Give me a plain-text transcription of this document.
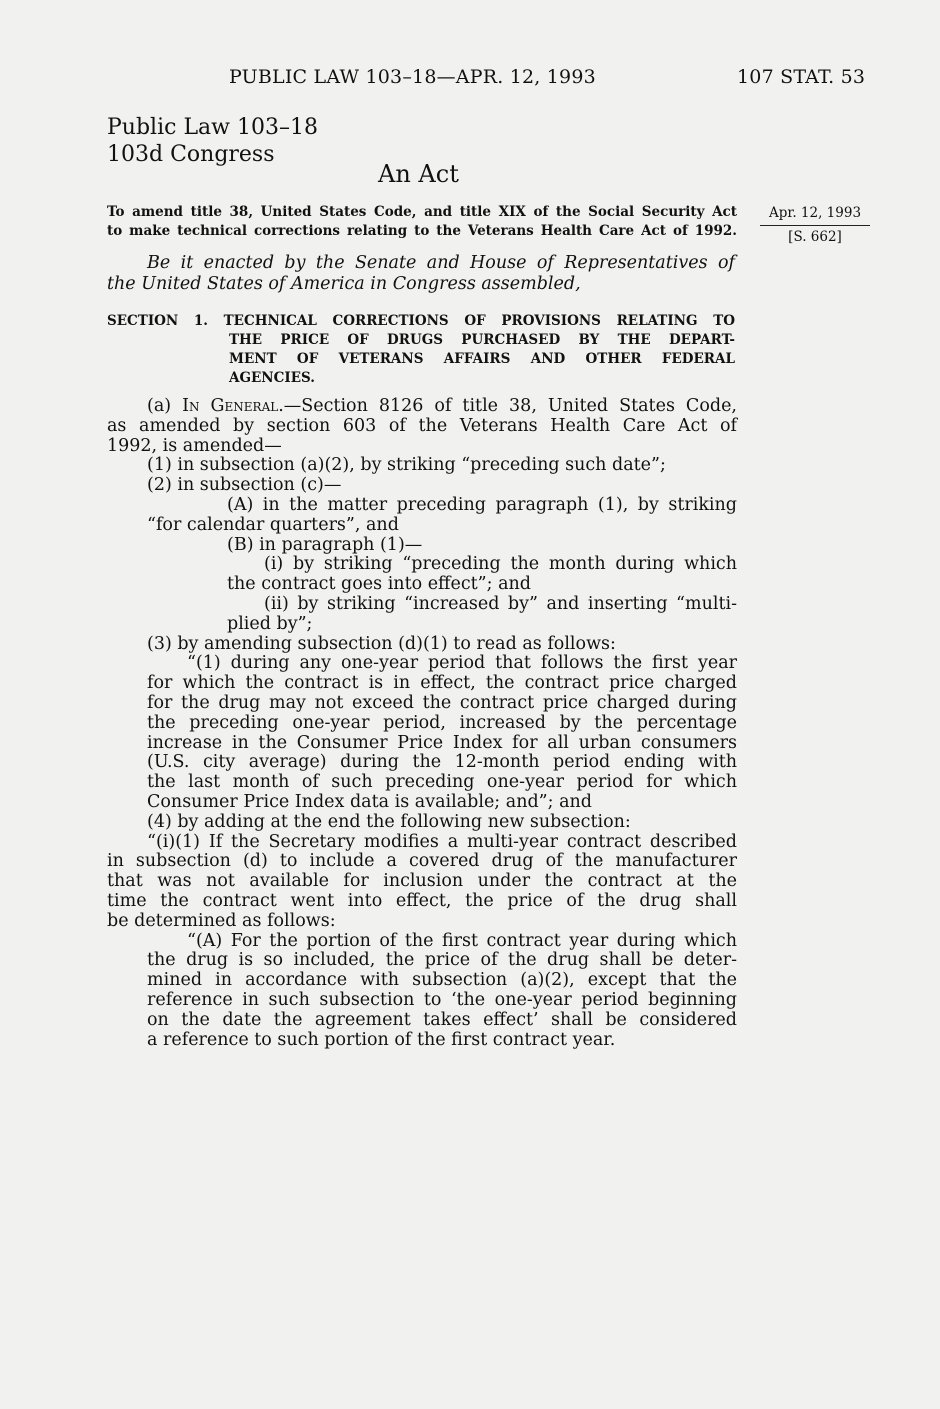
PUBLIC LAW 103–18—APR. 12, 1993	107 STAT. 53
Public Law 103–18
103d Congress
An Act
To amend title 38, United States Code, and title XIX of the Social Security Act
to make technical corrections relating to the Veterans Health Care Act of 1992.
Apr. 12, 1993
[S. 662]
Be it enacted by the Senate and House of Representatives of
the United States of America in Congress assembled,
SECTION 1. TECHNICAL CORRECTIONS OF PROVISIONS RELATING TO
THE PRICE OF DRUGS PURCHASED BY THE DEPART-
MENT OF VETERANS AFFAIRS AND OTHER FEDERAL
AGENCIES.
(a) In General.—Section 8126 of title 38, United States Code,
as amended by section 603 of the Veterans Health Care Act of
1992, is amended—
(1) in subsection (a)(2), by striking “preceding such date”;
(2) in subsection (c)—
(A) in the matter preceding paragraph (1), by striking
“for calendar quarters”, and
(B) in paragraph (1)—
(i) by striking “preceding the month during which
the contract goes into effect”; and
(ii) by striking “increased by” and inserting “multi-
plied by”;
(3) by amending subsection (d)(1) to read as follows:
“(1) during any one-year period that follows the first year
for which the contract is in effect, the contract price charged
for the drug may not exceed the contract price charged during
the preceding one-year period, increased by the percentage
increase in the Consumer Price Index for all urban consumers
(U.S. city average) during the 12-month period ending with
the last month of such preceding one-year period for which
Consumer Price Index data is available; and”; and
(4) by adding at the end the following new subsection:
“(i)(1) If the Secretary modifies a multi-year contract described
in subsection (d) to include a covered drug of the manufacturer
that was not available for inclusion under the contract at the
time the contract went into effect, the price of the drug shall
be determined as follows:
“(A) For the portion of the first contract year during which
the drug is so included, the price of the drug shall be deter-
mined in accordance with subsection (a)(2), except that the
reference in such subsection to ‘the one-year period beginning
on the date the agreement takes effect’ shall be considered
a reference to such portion of the first contract year.
